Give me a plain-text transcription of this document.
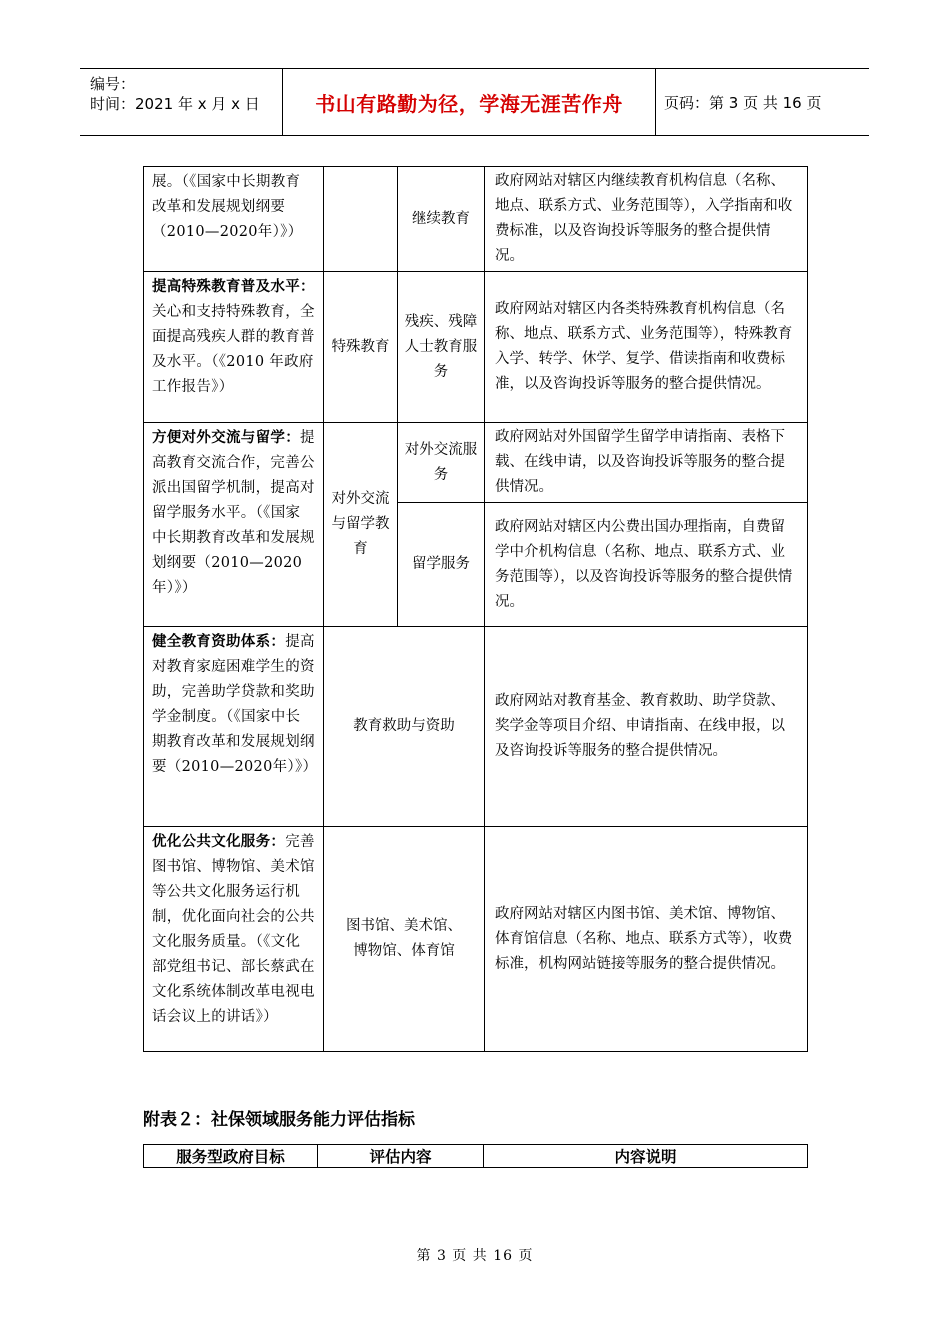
编号：
时间：2021 年 x 月 x 日	书山有路勤为径，学海无涯苦作舟	页码：第 3 页 共 16 页
展。（《国家中长期教育改革和发展规划纲要（2010—2020年）》）		继续教育	政府网站对辖区内继续教育机构信息（名称、地点、联系方式、业务范围等），入学指南和收费标准，以及咨询投诉等服务的整合提供情况。
提高特殊教育普及水平：关心和支持特殊教育，全面提高残疾人群的教育普及水平。（《2010 年政府工作报告》）	特殊教育	残疾、残障人士教育服务	政府网站对辖区内各类特殊教育机构信息（名称、地点、联系方式、业务范围等），特殊教育入学、转学、休学、复学、借读指南和收费标准，以及咨询投诉等服务的整合提供情况。
方便对外交流与留学：提高教育交流合作，完善公派出国留学机制，提高对留学服务水平。（《国家中长期教育改革和发展规划纲要（2010—2020年）》）	对外交流与留学教育	对外交流服务	政府网站对外国留学生留学申请指南、表格下载、在线申请，以及咨询投诉等服务的整合提供情况。
		留学服务	政府网站对辖区内公费出国办理指南，自费留学中介机构信息（名称、地点、联系方式、业务范围等），以及咨询投诉等服务的整合提供情况。
健全教育资助体系：提高对教育家庭困难学生的资助，完善助学贷款和奖助学金制度。（《国家中长期教育改革和发展规划纲要（2010—2020年）》）	教育救助与资助		政府网站对教育基金、教育救助、助学贷款、奖学金等项目介绍、申请指南、在线申报，以及咨询投诉等服务的整合提供情况。
优化公共文化服务：完善图书馆、博物馆、美术馆等公共文化服务运行机制，优化面向社会的公共文化服务质量。（《文化部党组书记、部长蔡武在文化系统体制改革电视电话会议上的讲话》）	图书馆、美术馆、博物馆、体育馆		政府网站对辖区内图书馆、美术馆、博物馆、体育馆信息（名称、地点、联系方式等），收费标准，机构网站链接等服务的整合提供情况。
附表２：社保领域服务能力评估指标
服务型政府目标	评估内容	内容说明
第 3 页 共 16 页
